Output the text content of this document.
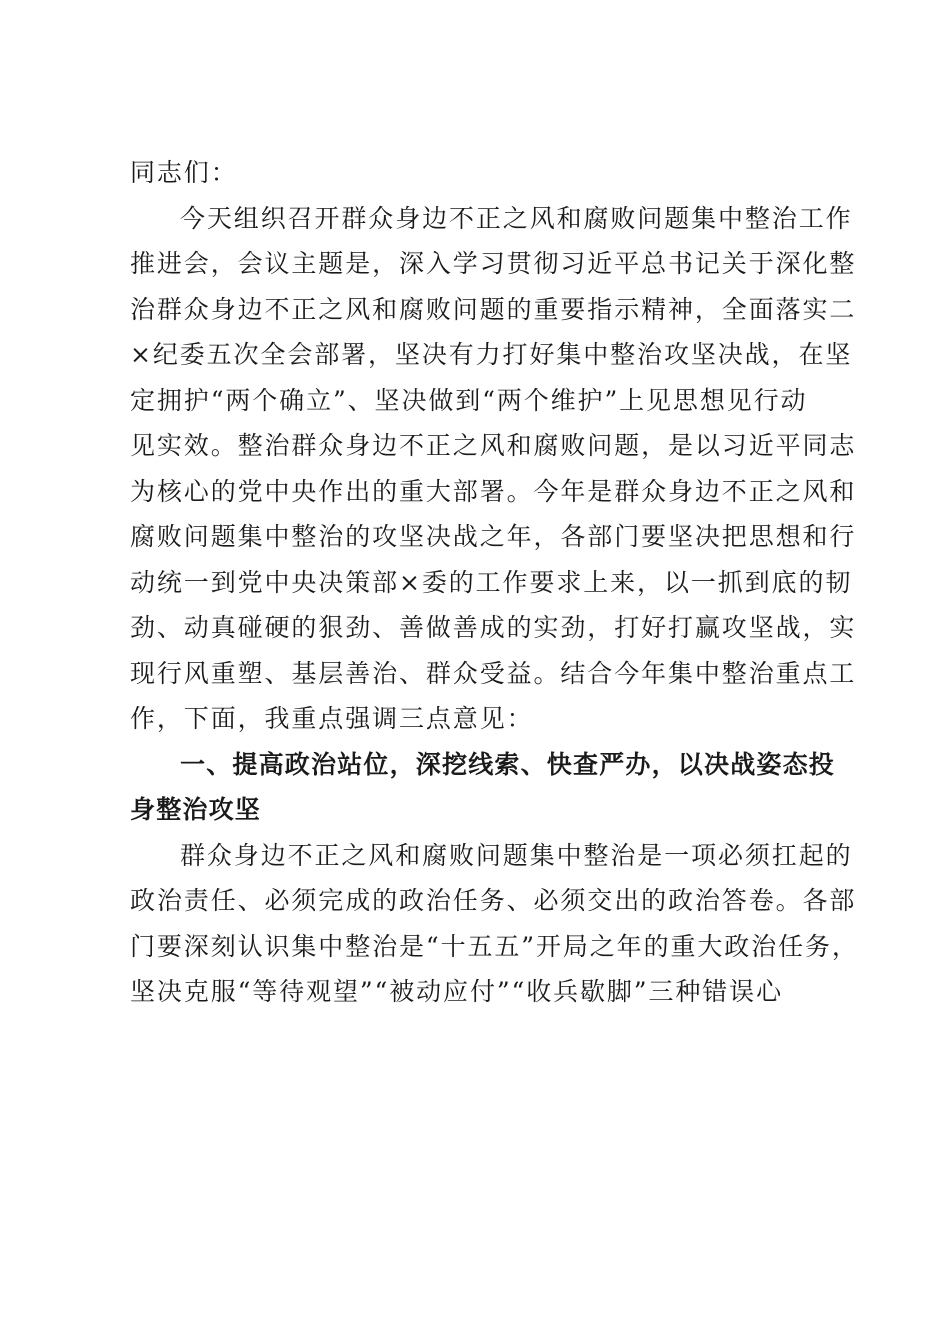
同志们：
今天组织召开群众身边不正之风和腐败问题集中整治工作
推进会，会议主题是，深入学习贯彻习近平总书记关于深化整
治群众身边不正之风和腐败问题的重要指示精神，全面落实二
×纪委五次全会部署，坚决有力打好集中整治攻坚决战，在坚
定拥护“两个确立”、坚决做到“两个维护”上见思想见行动
见实效。整治群众身边不正之风和腐败问题，是以习近平同志
为核心的党中央作出的重大部署。今年是群众身边不正之风和
腐败问题集中整治的攻坚决战之年，各部门要坚决把思想和行
动统一到党中央决策部×委的工作要求上来，以一抓到底的韧
劲、动真碰硬的狠劲、善做善成的实劲，打好打赢攻坚战，实
现行风重塑、基层善治、群众受益。结合今年集中整治重点工
作，下面，我重点强调三点意见：
一、提高政治站位，深挖线索、快查严办，以决战姿态投
身整治攻坚
群众身边不正之风和腐败问题集中整治是一项必须扛起的
政治责任、必须完成的政治任务、必须交出的政治答卷。各部
门要深刻认识集中整治是“十五五”开局之年的重大政治任务，
坚决克服“等待观望”“被动应付”“收兵歇脚”三种错误心
